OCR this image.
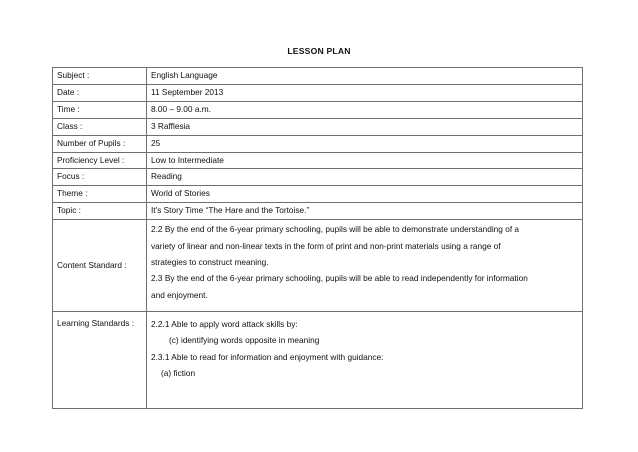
LESSON PLAN
Subject :	English Language
Date :	11 September 2013
Time :	8.00 – 9.00 a.m.
Class :	3 Rafflesia
Number of Pupils :	25
Proficiency Level :	Low to Intermediate
Focus :	Reading
Theme :	World of Stories
Topic :	It's Story Time “The Hare and the Tortoise.”
Content Standard :	2.2 By the end of the 6-year primary schooling, pupils will be able to demonstrate understanding of a
variety of linear and non-linear texts in the form of print and non-print materials using a range of
strategies to construct meaning.
2.3 By the end of the 6-year primary schooling, pupils will be able to read independently for information
and enjoyment.

Learning Standards :	2.2.1 Able to apply word attack skills by:
(c) identifying words opposite in meaning
2.3.1 Able to read for information and enjoyment with guidance:
(a) fiction
